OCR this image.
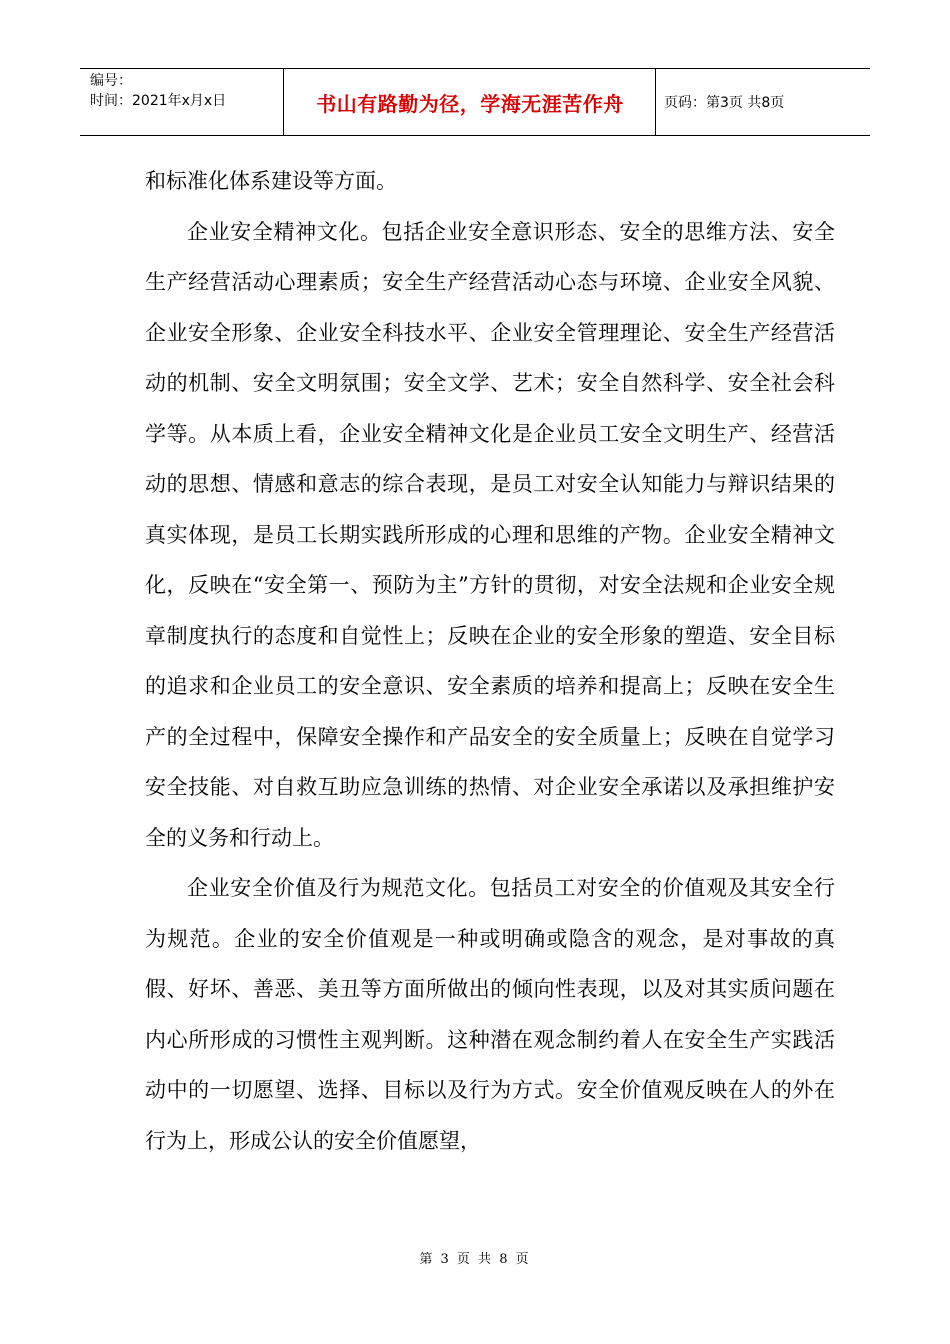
编号：
时间：2021年x月x日	书山有路勤为径，学海无涯苦作舟	页码：第3页 共8页

和标准化体系建设等方面。

企业安全精神文化。包括企业安全意识形态、安全的思维方法、安全生产经营活动心理素质；安全生产经营活动心态与环境、企业安全风貌、企业安全形象、企业安全科技水平、企业安全管理理论、安全生产经营活动的机制、安全文明氛围；安全文学、艺术；安全自然科学、安全社会科学等。从本质上看，企业安全精神文化是企业员工安全文明生产、经营活动的思想、情感和意志的综合表现，是员工对安全认知能力与辩识结果的真实体现，是员工长期实践所形成的心理和思维的产物。企业安全精神文化，反映在“安全第一、预防为主”方针的贯彻，对安全法规和企业安全规章制度执行的态度和自觉性上；反映在企业的安全形象的塑造、安全目标的追求和企业员工的安全意识、安全素质的培养和提高上；反映在安全生产的全过程中，保障安全操作和产品安全的安全质量上；反映在自觉学习安全技能、对自救互助应急训练的热情、对企业安全承诺以及承担维护安全的义务和行动上。

企业安全价值及行为规范文化。包括员工对安全的价值观及其安全行为规范。企业的安全价值观是一种或明确或隐含的观念，是对事故的真假、好坏、善恶、美丑等方面所做出的倾向性表现，以及对其实质问题在内心所形成的习惯性主观判断。这种潜在观念制约着人在安全生产实践活动中的一切愿望、选择、目标以及行为方式。安全价值观反映在人的外在行为上，形成公认的安全价值愿望，

第 3 页 共 8 页
